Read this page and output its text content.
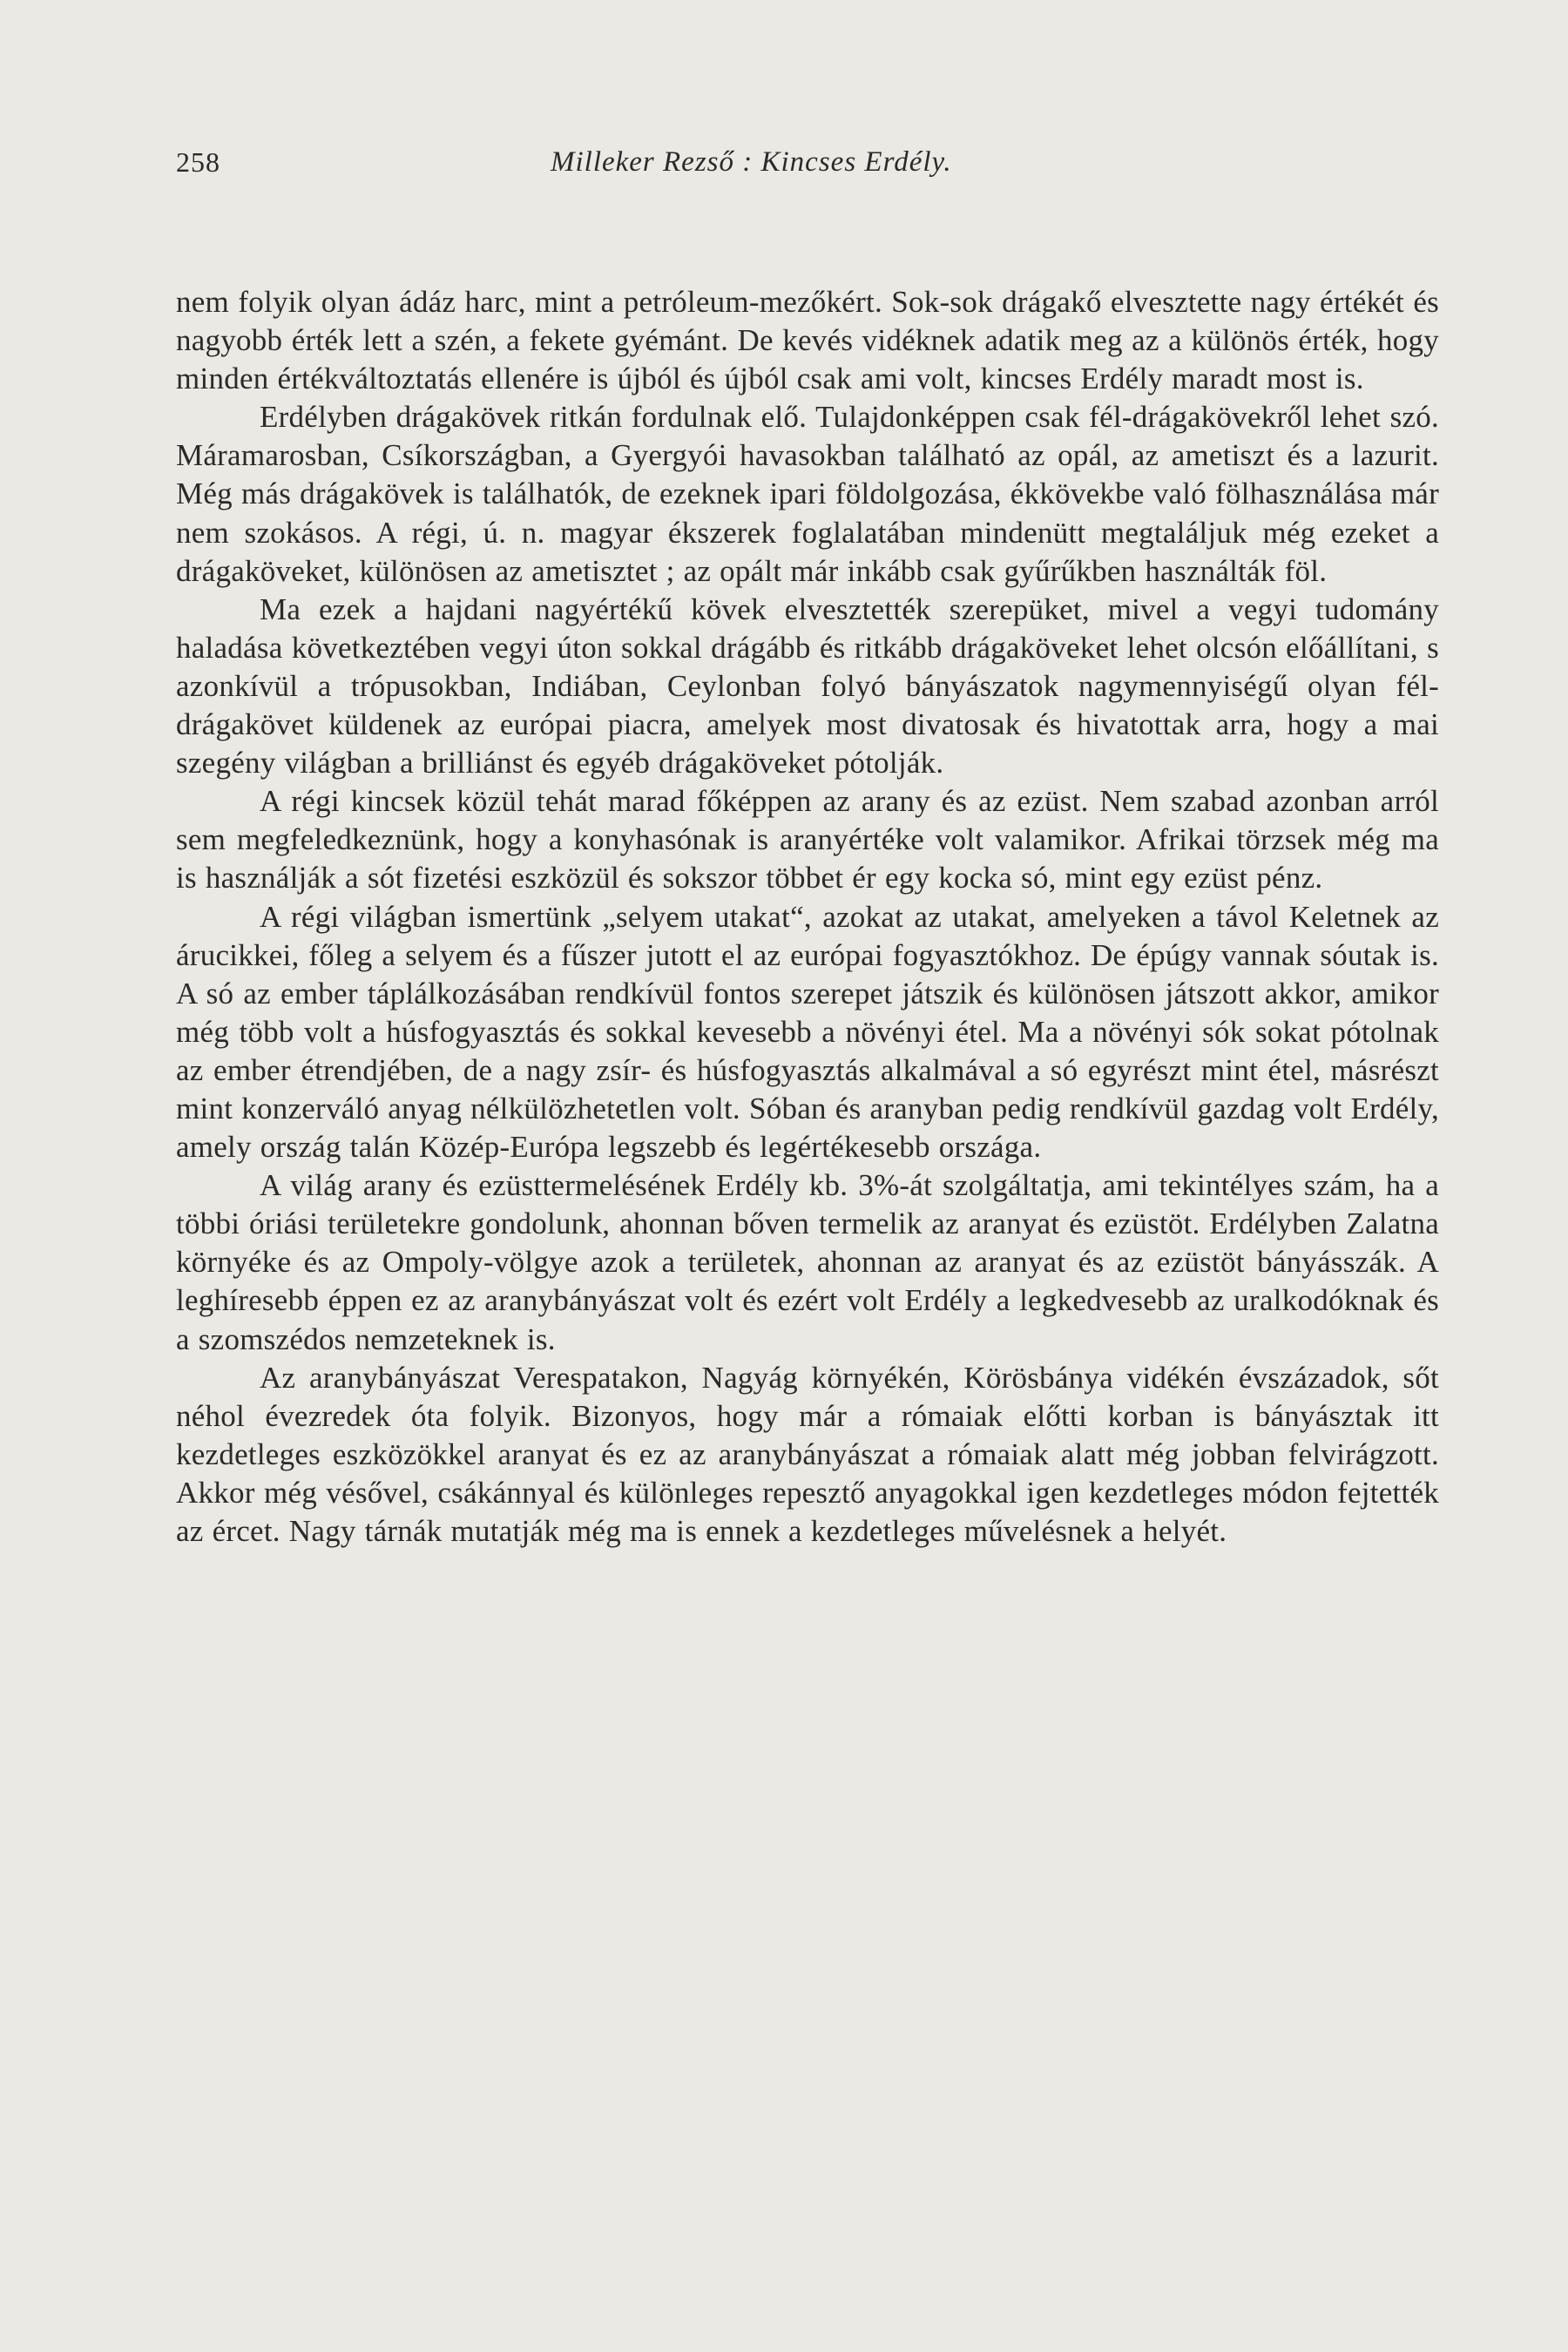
258	Milleker Rezső : Kincses Erdély.

nem folyik olyan ádáz harc, mint a petróleum-mezőkért. Sok-sok drágakő elvesztette nagy értékét és nagyobb érték lett a szén, a fekete gyémánt. De kevés vidéknek adatik meg az a különös érték, hogy minden értékváltoztatás ellenére is újból és újból csak ami volt, kincses Erdély maradt most is.

Erdélyben drágakövek ritkán fordulnak elő. Tulajdonképpen csak fél-drágakövekről lehet szó. Máramarosban, Csíkországban, a Gyergyói havasokban található az opál, az ametiszt és a lazurit. Még más drágakövek is találhatók, de ezeknek ipari földolgozása, ékkövekbe való fölhasználása már nem szokásos. A régi, ú. n. magyar ékszerek foglalatában mindenütt megtaláljuk még ezeket a drágaköveket, különösen az ametisztet ; az opált már inkább csak gyűrűkben használták föl.

Ma ezek a hajdani nagyértékű kövek elvesztették szerepüket, mivel a vegyi tudomány haladása következtében vegyi úton sokkal drágább és ritkább drágaköveket lehet olcsón előállítani, s azonkívül a trópusokban, Indiában, Ceylonban folyó bányászatok nagymennyiségű olyan fél-drágakövet küldenek az európai piacra, amelyek most divatosak és hivatottak arra, hogy a mai szegény világban a brilliánst és egyéb drágaköveket pótolják.

A régi kincsek közül tehát marad főképpen az arany és az ezüst. Nem szabad azonban arról sem megfeledkeznünk, hogy a konyhasónak is aranyértéke volt valamikor. Afrikai törzsek még ma is használják a sót fizetési eszközül és sokszor többet ér egy kocka só, mint egy ezüst pénz.

A régi világban ismertünk „selyem utakat“, azokat az utakat, amelyeken a távol Keletnek az árucikkei, főleg a selyem és a fűszer jutott el az európai fogyasztókhoz. De épúgy vannak sóutak is. A só az ember táplálkozásában rendkívül fontos szerepet játszik és különösen játszott akkor, amikor még több volt a húsfogyasztás és sokkal kevesebb a növényi étel. Ma a növényi sók sokat pótolnak az ember étrendjében, de a nagy zsír- és húsfogyasztás alkalmával a só egyrészt mint étel, másrészt mint konzerváló anyag nélkülözhetetlen volt. Sóban és aranyban pedig rendkívül gazdag volt Erdély, amely ország talán Közép-Európa legszebb és legértékesebb országa.

A világ arany és ezüsttermelésének Erdély kb. 3%-át szolgáltatja, ami tekintélyes szám, ha a többi óriási területekre gondolunk, ahonnan bőven termelik az aranyat és ezüstöt. Erdélyben Zalatna környéke és az Ompoly-völgye azok a területek, ahonnan az aranyat és az ezüstöt bányásszák. A leghíresebb éppen ez az aranybányászat volt és ezért volt Erdély a legkedvesebb az uralkodóknak és a szomszédos nemzeteknek is.

Az aranybányászat Verespatakon, Nagyág környékén, Körösbánya vidékén évszázadok, sőt néhol évezredek óta folyik. Bizonyos, hogy már a rómaiak előtti korban is bányásztak itt kezdetleges eszközökkel aranyat és ez az aranybányászat a rómaiak alatt még jobban felvirágzott. Akkor még vésővel, csákánnyal és különleges repesztő anyagokkal igen kezdetleges módon fejtették az ércet. Nagy tárnák mutatják még ma is ennek a kezdetleges művelésnek a helyét.
